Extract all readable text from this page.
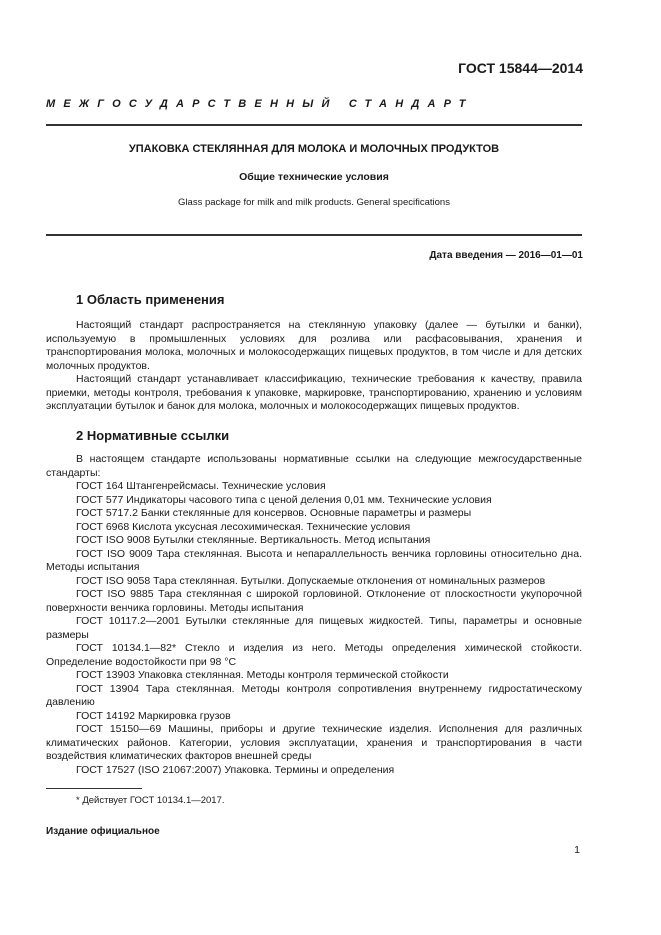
ГОСТ 15844—2014
МЕЖГОСУДАРСТВЕННЫЙ СТАНДАРТ
УПАКОВКА СТЕКЛЯННАЯ ДЛЯ МОЛОКА И МОЛОЧНЫХ ПРОДУКТОВ
Общие технические условия
Glass package for milk and milk products. General specifications
Дата введения — 2016—01—01
1 Область применения

Настоящий стандарт распространяется на стеклянную упаковку (далее — бутылки и банки), используемую в промышленных условиях для розлива или расфасовывания, хранения и транспортирования молока, молочных и молокосодержащих пищевых продуктов, в том числе и для детских молочных продуктов.

Настоящий стандарт устанавливает классификацию, технические требования к качеству, правила приемки, методы контроля, требования к упаковке, маркировке, транспортированию, хранению и условиям эксплуатации бутылок и банок для молока, молочных и молокосодержащих пищевых продуктов.

2 Нормативные ссылки

В настоящем стандарте использованы нормативные ссылки на следующие межгосударственные стандарты:

ГОСТ 164 Штангенрейсмасы. Технические условия
ГОСТ 577 Индикаторы часового типа с ценой деления 0,01 мм. Технические условия
ГОСТ 5717.2 Банки стеклянные для консервов. Основные параметры и размеры
ГОСТ 6968 Кислота уксусная лесохимическая. Технические условия
ГОСТ ISO 9008 Бутылки стеклянные. Вертикальность. Метод испытания
ГОСТ ISO 9009 Тара стеклянная. Высота и непараллельность венчика горловины относительно дна. Методы испытания
ГОСТ ISO 9058 Тара стеклянная. Бутылки. Допускаемые отклонения от номинальных размеров
ГОСТ ISO 9885 Тара стеклянная с широкой горловиной. Отклонение от плоскостности укупорочной поверхности венчика горловины. Методы испытания
ГОСТ 10117.2—2001 Бутылки стеклянные для пищевых жидкостей. Типы, параметры и основные размеры
ГОСТ 10134.1—82* Стекло и изделия из него. Методы определения химической стойкости. Определение водостойкости при 98 °С
ГОСТ 13903 Упаковка стеклянная. Методы контроля термической стойкости
ГОСТ 13904 Тара стеклянная. Методы контроля сопротивления внутреннему гидростатическому давлению
ГОСТ 14192 Маркировка грузов
ГОСТ 15150—69 Машины, приборы и другие технические изделия. Исполнения для различных климатических районов. Категории, условия эксплуатации, хранения и транспортирования в части воздействия климатических факторов внешней среды
ГОСТ 17527 (ISO 21067:2007) Упаковка. Термины и определения
* Действует ГОСТ 10134.1—2017.
Издание официальное
1
